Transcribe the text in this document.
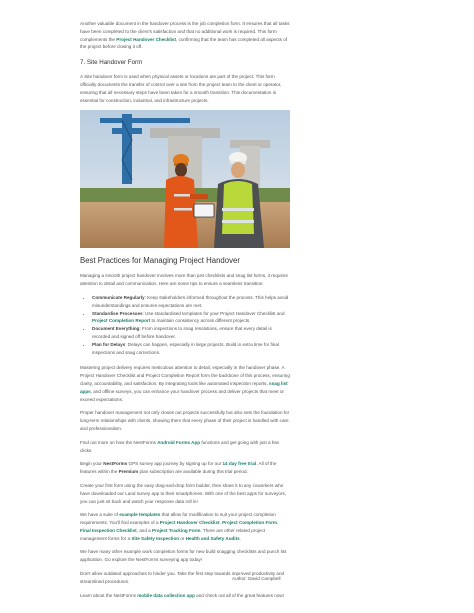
Another valuable document in the handover process is the job completion form. It ensures that all tasks have been completed to the client's satisfaction and that no additional work is required. This form complements the Project Handover Checklist, confirming that the team has completed all aspects of the project before closing it off.

7. Site Handover Form

A Site handover form is used when physical assets or locations are part of the project. This form officially documents the transfer of control over a site from the project team to the client or operator, ensuring that all necessary steps have been taken for a smooth transition. This documentation is essential for construction, industrial, and infrastructure projects.

Best Practices for Managing Project Handover

Managing a smooth project handover involves more than just checklists and snag list forms, it requires attention to detail and communication. Here are some tips to ensure a seamless transition:

• Communicate Regularly: Keep stakeholders informed throughout the process. This helps avoid misunderstandings and ensures expectations are met.
• Standardise Processes: Use standardised templates for your Project Handover Checklist and Project Completion Report to maintain consistency across different projects.
• Document Everything: From inspections to snag resolutions, ensure that every detail is recorded and signed off before handover.
• Plan for Delays: Delays can happen, especially in large projects. Build in extra time for final inspections and snag corrections.

Mastering project delivery requires meticulous attention to detail, especially in the handover phase. A Project Handover Checklist and Project Completion Report form the backbone of this process, ensuring clarity, accountability, and satisfaction. By integrating tools like automated inspection reports, snag list apps, and offline surveys, you can enhance your handover process and deliver projects that meet or exceed expectations.

Proper handover management not only closes out projects successfully but also sets the foundation for long-term relationships with clients, showing them that every phase of their project is handled with care and professionalism.

Find out more on how the NestForms Android Forms App functions and get going with just a few clicks.

Begin your NestForms GPS survey app journey by signing up for our 14 day free trial. All of the features within the Premium plan subscription are available during this trial period.

Create your first form using the easy drag-and-drop form builder, then share it to any coworkers who have downloaded our Land survey app to their smartphones. With one of the best apps for surveyors, you can just sit back and watch your response data roll in!

We have a suite of example templates that allow for modification to suit your project completion requirements. You'll find examples of a Project Handover Checklist, Project Completion Form, Final Inspection Checklist, and a Project Tracking Form. There are other related project management forms for a Site Safety Inspection or Health and Safety Audits.

We have many other example work completion forms for new build snagging checklists and punch list application. Go explore the NestForms surveying app today!

Don't allow outdated approaches to hinder you. Take the first step towards improved productivity and streamlined procedures.

Learn about the NestForms mobile data collection app and check out all of the great features now!

Author: David Campbell
